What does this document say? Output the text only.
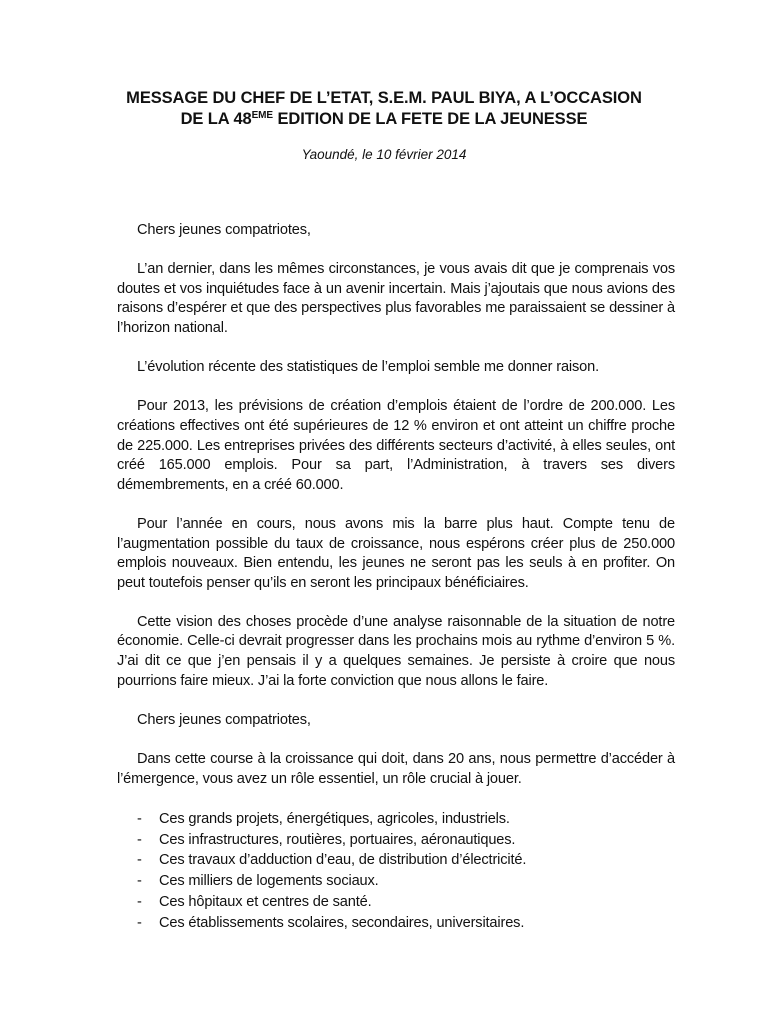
MESSAGE DU CHEF DE L’ETAT, S.E.M. PAUL BIYA, A L’OCCASION
DE LA 48EME EDITION DE LA FETE DE LA JEUNESSE
Yaoundé, le 10 février 2014

Chers jeunes compatriotes,

L’an dernier, dans les mêmes circonstances, je vous avais dit que je comprenais vos doutes et vos inquiétudes face à un avenir incertain. Mais j’ajoutais que nous avions des raisons d’espérer et que des perspectives plus favorables me paraissaient se dessiner à l’horizon national.

L’évolution récente des statistiques de l’emploi semble me donner raison.

Pour 2013, les prévisions de création d’emplois étaient de l’ordre de 200.000. Les créations effectives ont été supérieures de 12 % environ et ont atteint un chiffre proche de 225.000. Les entreprises privées des différents secteurs d’activité, à elles seules, ont créé 165.000 emplois. Pour sa part, l’Administration, à travers ses divers démembrements, en a créé 60.000.

Pour l’année en cours, nous avons mis la barre plus haut. Compte tenu de l’augmentation possible du taux de croissance, nous espérons créer plus de 250.000 emplois nouveaux. Bien entendu, les jeunes ne seront pas les seuls à en profiter. On peut toutefois penser qu’ils en seront les principaux bénéficiaires.

Cette vision des choses procède d’une analyse raisonnable de la situation de notre économie. Celle-ci devrait progresser dans les prochains mois au rythme d’environ 5 %. J’ai dit ce que j’en pensais il y a quelques semaines. Je persiste à croire que nous pourrions faire mieux. J’ai la forte conviction que nous allons le faire.

Chers jeunes compatriotes,

Dans cette course à la croissance qui doit, dans 20 ans, nous permettre d’accéder à l’émergence, vous avez un rôle essentiel, un rôle crucial à jouer.

-	Ces grands projets, énergétiques, agricoles, industriels.
-	Ces infrastructures, routières, portuaires, aéronautiques.
-	Ces travaux d’adduction d’eau, de distribution d’électricité.
-	Ces milliers de logements sociaux.
-	Ces hôpitaux et centres de santé.
-	Ces établissements scolaires, secondaires, universitaires.
